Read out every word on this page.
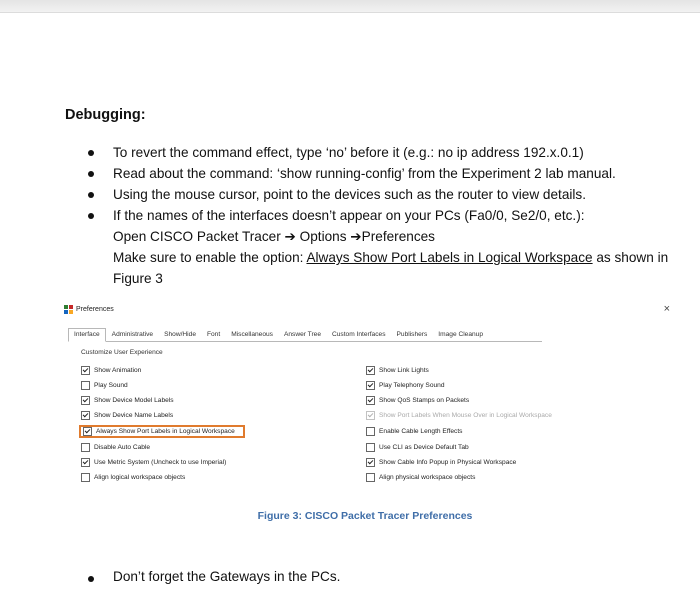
Debugging:
To revert the command effect, type ‘no’ before it (e.g.: no ip address 192.x.0.1)
Read about the command: ‘show running-config’ from the Experiment 2 lab manual.
Using the mouse cursor, point to the devices such as the router to view details.
If the names of the interfaces doesn’t appear on your PCs (Fa0/0, Se2/0, etc.):
Open CISCO Packet Tracer ➔ Options ➔Preferences
Make sure to enable the option: Always Show Port Labels in Logical Workspace as shown in
Figure 3
Preferences	×
Interface	Administrative	Show/Hide	Font	Miscellaneous	Answer Tree	Custom Interfaces	Publishers	Image Cleanup
Customize User Experience
Show Animation
Play Sound
Show Device Model Labels
Show Device Name Labels
Always Show Port Labels in Logical Workspace
Disable Auto Cable
Use Metric System (Uncheck to use Imperial)
Align logical workspace objects
Show Link Lights
Play Telephony Sound
Show QoS Stamps on Packets
Show Port Labels When Mouse Over in Logical Workspace
Enable Cable Length Effects
Use CLI as Device Default Tab
Show Cable Info Popup in Physical Workspace
Align physical workspace objects
Figure 3: CISCO Packet Tracer Preferences
Don’t forget the Gateways in the PCs.
